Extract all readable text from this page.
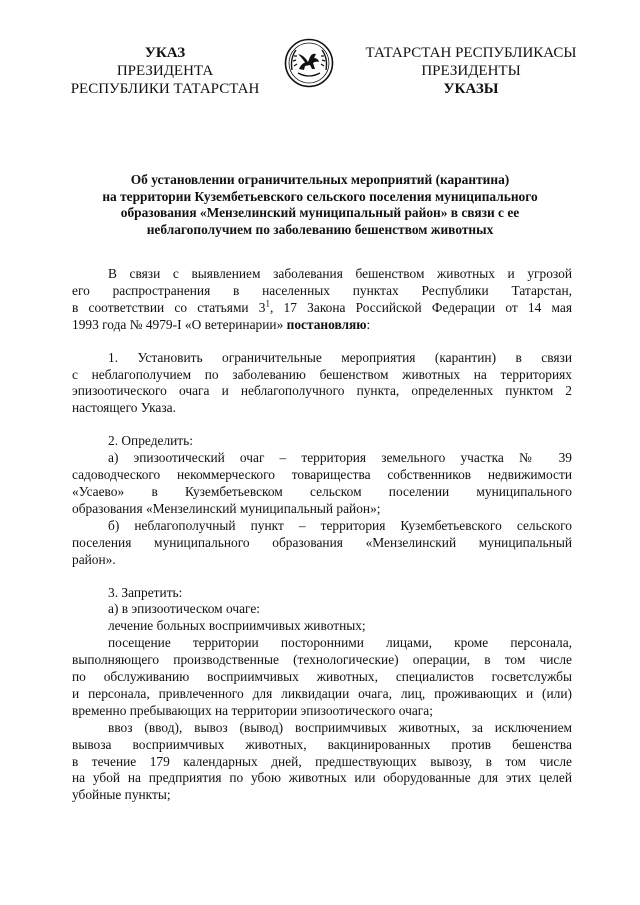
УКАЗ
ПРЕЗИДЕНТА
РЕСПУБЛИКИ ТАТАРСТАН
ТАТАРСТАН РЕСПУБЛИКАСЫ
ПРЕЗИДЕНТЫ
УКАЗЫ
Об установлении ограничительных мероприятий (карантина)
на территории Кузембетьевского сельского поселения муниципального
образования «Мензелинский муниципальный район» в связи с ее
неблагополучием по заболеванию бешенством животных
В связи с выявлением заболевания бешенством животных и угрозой
его распространения в населенных пунктах Республики Татарстан,
в соответствии со статьями $3^1$, 17 Закона Российской Федерации от 14 мая
1993 года № 4979-I «О ветеринарии» постановляю:
1. Установить ограничительные мероприятия (карантин) в связи
с неблагополучием по заболеванию бешенством животных на территориях
эпизоотического очага и неблагополучного пункта, определенных пунктом 2
настоящего Указа.
2. Определить:
а) эпизоотический очаг – территория земельного участка № 39
садоводческого некоммерческого товарищества собственников недвижимости
«Усаево» в Кузембетьевском сельском поселении муниципального
образования «Мензелинский муниципальный район»;
б) неблагополучный пункт – территория Кузембетьевского сельского
поселения муниципального образования «Мензелинский муниципальный
район».
3. Запретить:
а) в эпизоотическом очаге:
лечение больных восприимчивых животных;
посещение территории посторонними лицами, кроме персонала,
выполняющего производственные (технологические) операции, в том числе
по обслуживанию восприимчивых животных, специалистов госветслужбы
и персонала, привлеченного для ликвидации очага, лиц, проживающих и (или)
временно пребывающих на территории эпизоотического очага;
ввоз (ввод), вывоз (вывод) восприимчивых животных, за исключением
вывоза восприимчивых животных, вакцинированных против бешенства
в течение 179 календарных дней, предшествующих вывозу, в том числе
на убой на предприятия по убою животных или оборудованные для этих целей
убойные пункты;
